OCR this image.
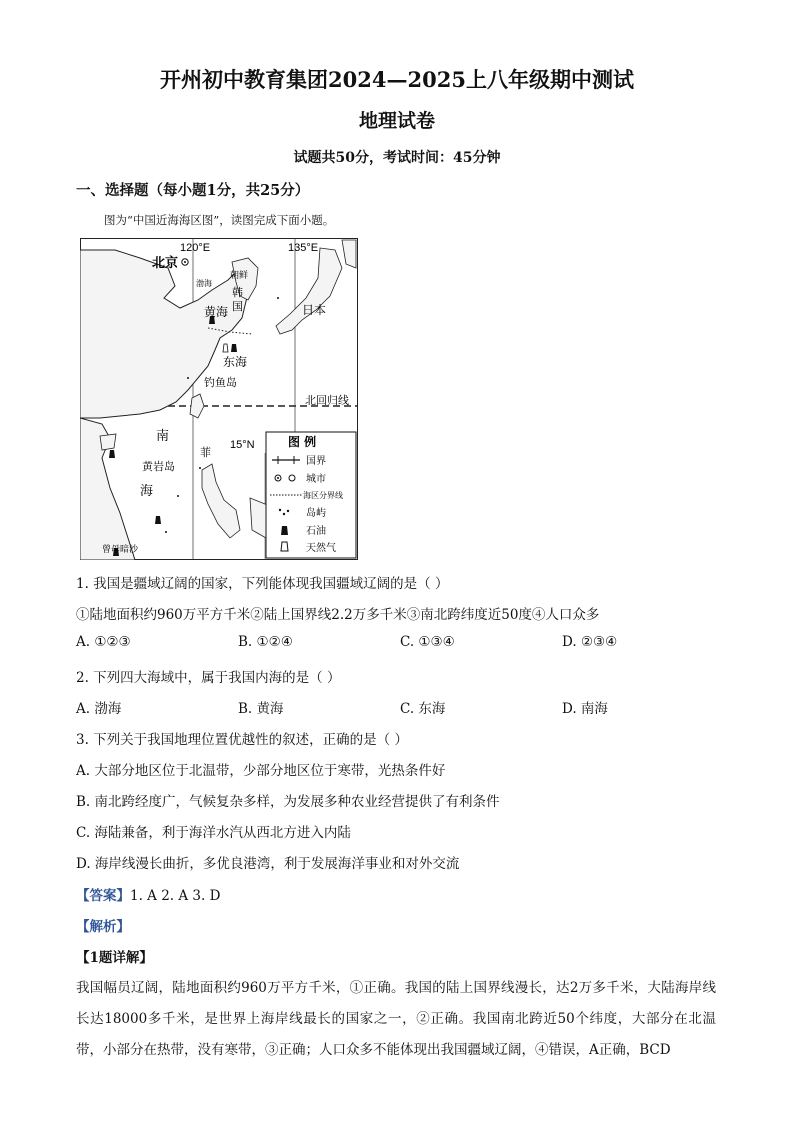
开州初中教育集团2024—2025上八年级期中测试
地理试卷
试题共50分，考试时间：45分钟
一、选择题（每小题1分，共25分）
图为“中国近海海区图”，读图完成下面小题。
120°E	135°E
北京
渤海
朝鲜
韩
国
黄海
东海
钓鱼岛
日本
北回归线
南
黄岩岛
海
菲
15°N
曾母暗沙
图 例
国界
城市
海区分界线
岛屿
石油
天然气
1. 我国是疆域辽阔的国家，下列能体现我国疆域辽阔的是（ ）
①陆地面积约960万平方千米②陆上国界线2.2万多千米③南北跨纬度近50度④人口众多
A. ①②③	B. ①②④	C. ①③④	D. ②③④
2. 下列四大海域中，属于我国内海的是（ ）
A. 渤海	B. 黄海	C. 东海	D. 南海
3. 下列关于我国地理位置优越性的叙述，正确的是（ ）
A. 大部分地区位于北温带，少部分地区位于寒带，光热条件好
B. 南北跨经度广，气候复杂多样，为发展多种农业经营提供了有利条件
C. 海陆兼备，利于海洋水汽从西北方进入内陆
D. 海岸线漫长曲折，多优良港湾，利于发展海洋事业和对外交流
【答案】1. A 2. A 3. D
【解析】
【1题详解】
我国幅员辽阔，陆地面积约960万平方千米，①正确。我国的陆上国界线漫长，达2万多千米，大陆海岸线长达18000多千米，是世界上海岸线最长的国家之一，②正确。我国南北跨近50个纬度，大部分在北温带，小部分在热带，没有寒带，③正确；人口众多不能体现出我国疆域辽阔，④错误，A正确，BCD
